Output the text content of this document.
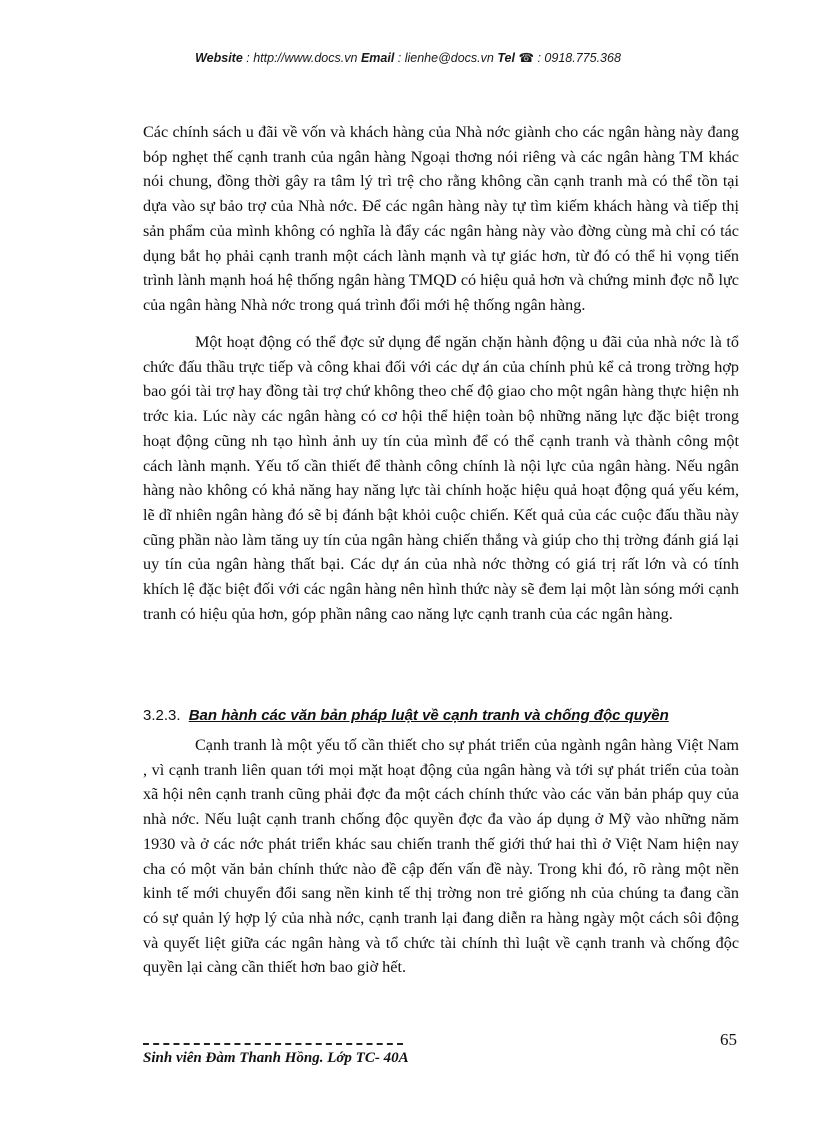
Website : http://www.docs.vn Email : lienhe@docs.vn Tel ☎ : 0918.775.368

Các chính sách u đãi về vốn và khách hàng của Nhà nớc giành cho các ngân hàng này đang bóp nghẹt thế cạnh tranh của ngân hàng Ngoại thơng nói riêng và các ngân hàng TM khác nói chung, đồng thời gây ra tâm lý trì trệ cho rằng không cần cạnh tranh mà có thể tồn tại dựa vào sự bảo trợ của Nhà nớc. Để các ngân hàng này tự tìm kiếm khách hàng và tiếp thị sản phẩm của mình không có nghĩa là đẩy các ngân hàng này vào đờng cùng mà chỉ có tác dụng bắt họ phải cạnh tranh một cách lành mạnh và tự giác hơn, từ đó có thể hi vọng tiến trình lành mạnh hoá hệ thống ngân hàng TMQD có hiệu quả hơn và chứng minh đợc nỗ lực của ngân hàng Nhà nớc trong quá trình đổi mới hệ thống ngân hàng.

Một hoạt động có thể đợc sử dụng để ngăn chặn hành động u đãi của nhà nớc là tổ chức đấu thầu trực tiếp và công khai đối với các dự án của chính phủ kể cả trong trờng hợp bao gói tài trợ hay đồng tài trợ chứ không theo chế độ giao cho một ngân hàng thực hiện nh trớc kia. Lúc này các ngân hàng có cơ hội thể hiện toàn bộ những năng lực đặc biệt trong hoạt động cũng nh tạo hình ảnh uy tín của mình để có thể cạnh tranh và thành công một cách lành mạnh. Yếu tố cần thiết để thành công chính là nội lực của ngân hàng. Nếu ngân hàng nào không có khả năng hay năng lực tài chính hoặc hiệu quả hoạt động quá yếu kém, lẽ dĩ nhiên ngân hàng đó sẽ bị đánh bật khỏi cuộc chiến. Kết quả của các cuộc đấu thầu này cũng phần nào làm tăng uy tín của ngân hàng chiến thắng và giúp cho thị trờng đánh giá lại uy tín của ngân hàng thất bại. Các dự án của nhà nớc thờng có giá trị rất lớn và có tính khích lệ đặc biệt đối với các ngân hàng nên hình thức này sẽ đem lại một làn sóng mới cạnh tranh có hiệu qủa hơn, góp phần nâng cao năng lực cạnh tranh của các ngân hàng.

3.2.3. Ban hành các văn bản pháp luật về cạnh tranh và chống độc quyền

Cạnh tranh là một yếu tố cần thiết cho sự phát triển của ngành ngân hàng Việt Nam , vì cạnh tranh liên quan tới mọi mặt hoạt động của ngân hàng và tới sự phát triển của toàn xã hội nên cạnh tranh cũng phải đợc đa một cách chính thức vào các văn bản pháp quy của nhà nớc. Nếu luật cạnh tranh chống độc quyền đợc đa vào áp dụng ở Mỹ vào những năm 1930 và ở các nớc phát triển khác sau chiến tranh thế giới thứ hai thì ở Việt Nam hiện nay cha có một văn bản chính thức nào đề cập đến vấn đề này. Trong khi đó, rõ ràng một nền kinh tế mới chuyển đổi sang nền kinh tế thị trờng non trẻ giống nh của chúng ta đang cần có sự quản lý hợp lý của nhà nớc, cạnh tranh lại đang diễn ra hàng ngày một cách sôi động và quyết liệt giữa các ngân hàng và tổ chức tài chính thì luật về cạnh tranh và chống độc quyền lại càng cần thiết hơn bao giờ hết.

Sinh viên Đàm Thanh Hồng. Lớp TC- 40A
65
